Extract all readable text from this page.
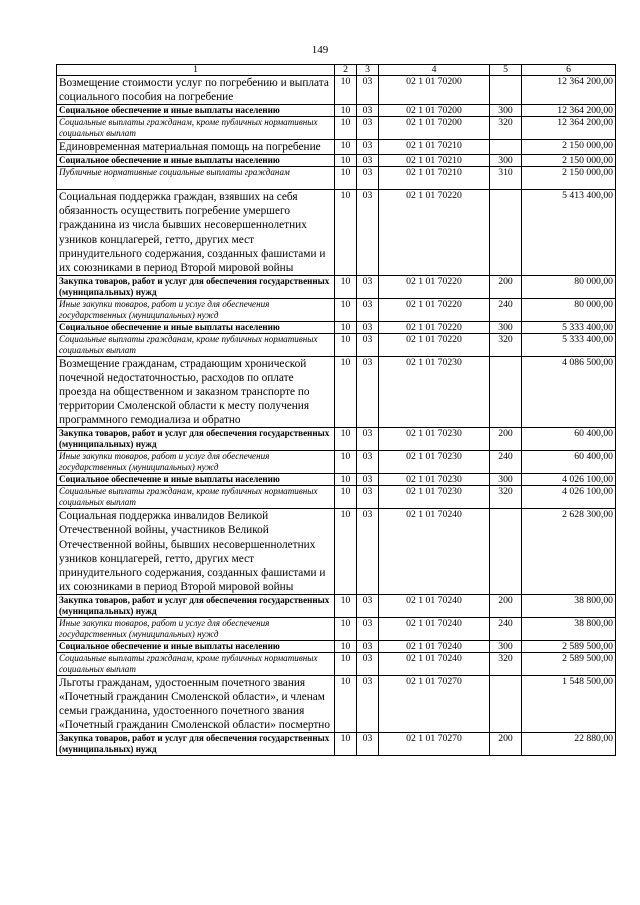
149
1	2	3	4	5	6
Возмещение стоимости услуг по погребению и выплата социального пособия на погребение	10	03	02 1 01 70200		12 364 200,00
Социальное обеспечение и иные выплаты населению	10	03	02 1 01 70200	300	12 364 200,00
Социальные выплаты гражданам, кроме публичных нормативных социальных выплат	10	03	02 1 01 70200	320	12 364 200,00
Единовременная материальная помощь на погребение	10	03	02 1 01 70210		2 150 000,00
Социальное обеспечение и иные выплаты населению	10	03	02 1 01 70210	300	2 150 000,00
Публичные нормативные социальные выплаты гражданам	10	03	02 1 01 70210	310	2 150 000,00
Социальная поддержка граждан, взявших на себя обязанность осуществить погребение умершего гражданина из числа бывших несовершеннолетних узников концлагерей, гетто, других мест принудительного содержания, созданных фашистами и их союзниками в период Второй мировой войны	10	03	02 1 01 70220		5 413 400,00
Закупка товаров, работ и услуг для обеспечения государственных (муниципальных) нужд	10	03	02 1 01 70220	200	80 000,00
Иные закупки товаров, работ и услуг для обеспечения государственных (муниципальных) нужд	10	03	02 1 01 70220	240	80 000,00
Социальное обеспечение и иные выплаты населению	10	03	02 1 01 70220	300	5 333 400,00
Социальные выплаты гражданам, кроме публичных нормативных социальных выплат	10	03	02 1 01 70220	320	5 333 400,00
Возмещение гражданам, страдающим хронической почечной недостаточностью, расходов по оплате проезда на общественном и заказном транспорте по территории Смоленской области к месту получения программного гемодиализа и обратно	10	03	02 1 01 70230		4 086 500,00
Закупка товаров, работ и услуг для обеспечения государственных (муниципальных) нужд	10	03	02 1 01 70230	200	60 400,00
Иные закупки товаров, работ и услуг для обеспечения государственных (муниципальных) нужд	10	03	02 1 01 70230	240	60 400,00
Социальное обеспечение и иные выплаты населению	10	03	02 1 01 70230	300	4 026 100,00
Социальные выплаты гражданам, кроме публичных нормативных социальных выплат	10	03	02 1 01 70230	320	4 026 100,00
Социальная поддержка инвалидов Великой Отечественной войны, участников Великой Отечественной войны, бывших несовершеннолетних узников концлагерей, гетто, других мест принудительного содержания, созданных фашистами и их союзниками в период Второй мировой войны	10	03	02 1 01 70240		2 628 300,00
Закупка товаров, работ и услуг для обеспечения государственных (муниципальных) нужд	10	03	02 1 01 70240	200	38 800,00
Иные закупки товаров, работ и услуг для обеспечения государственных (муниципальных) нужд	10	03	02 1 01 70240	240	38 800,00
Социальное обеспечение и иные выплаты населению	10	03	02 1 01 70240	300	2 589 500,00
Социальные выплаты гражданам, кроме публичных нормативных социальных выплат	10	03	02 1 01 70240	320	2 589 500,00
Льготы гражданам, удостоенным почетного звания «Почетный гражданин Смоленской области», и членам семьи гражданина, удостоенного почетного звания «Почетный гражданин Смоленской области» посмертно	10	03	02 1 01 70270		1 548 500,00
Закупка товаров, работ и услуг для обеспечения государственных (муниципальных) нужд	10	03	02 1 01 70270	200	22 880,00
